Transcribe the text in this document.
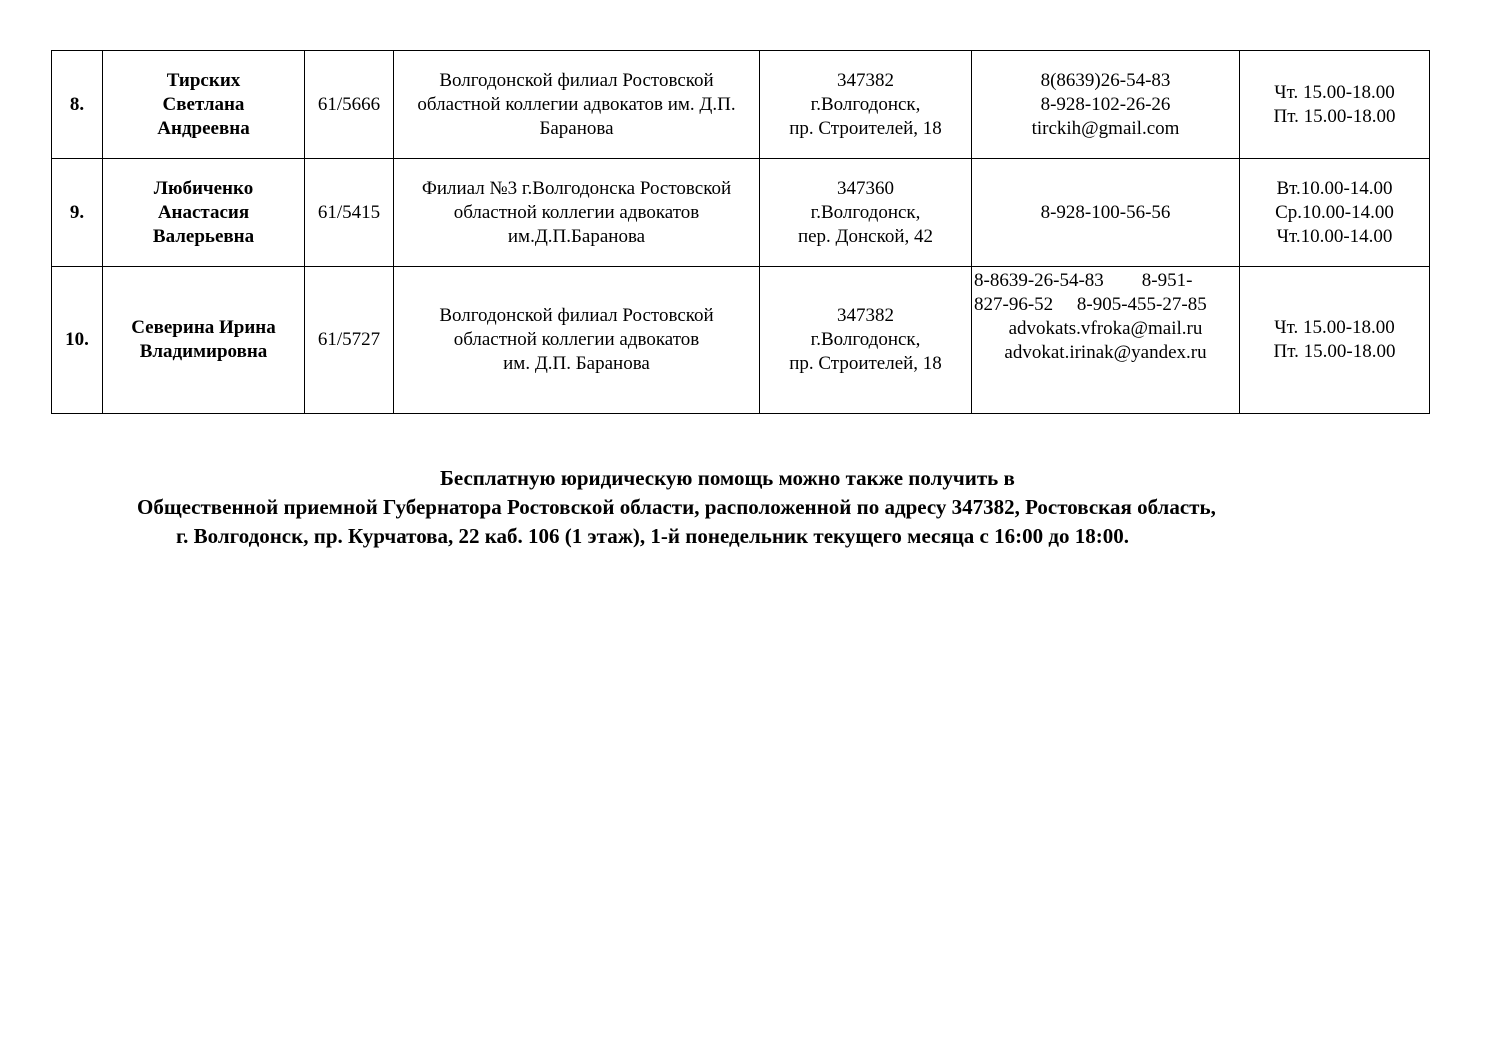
8.	Тирских
Светлана
Андреевна	61/5666	Волгодонской филиал Ростовской
областной коллегии адвокатов им. Д.П.
Баранова	347382
г.Волгодонск,
пр. Строителей, 18	8(8639)26-54-83
8-928-102-26-26
tirckih@gmail.com	Чт. 15.00-18.00
Пт. 15.00-18.00

9.	Любиченко
Анастасия
Валерьевна	61/5415	Филиал №3 г.Волгодонска Ростовской
областной коллегии адвокатов
им.Д.П.Баранова	347360
г.Волгодонск,
пер. Донской, 42	8-928-100-56-56	Вт.10.00-14.00
Ср.10.00-14.00
Чт.10.00-14.00

10.	Северина Ирина
Владимировна	61/5727	Волгодонской филиал Ростовской
областной коллегии адвокатов
им. Д.П. Баранова	347382
г.Волгодонск,
пр. Строителей, 18	8-8639-26-54-83        8-951-
827-96-52     8-905-455-27-85
advokats.vfroka@mail.ru
advokat.irinak@yandex.ru	Чт. 15.00-18.00
Пт. 15.00-18.00
Бесплатную юридическую помощь можно также получить в
Общественной приемной Губернатора Ростовской области, расположенной по адресу 347382, Ростовская область,
г. Волгодонск, пр. Курчатова, 22 каб. 106 (1 этаж), 1-й понедельник текущего месяца с 16:00 до 18:00.
